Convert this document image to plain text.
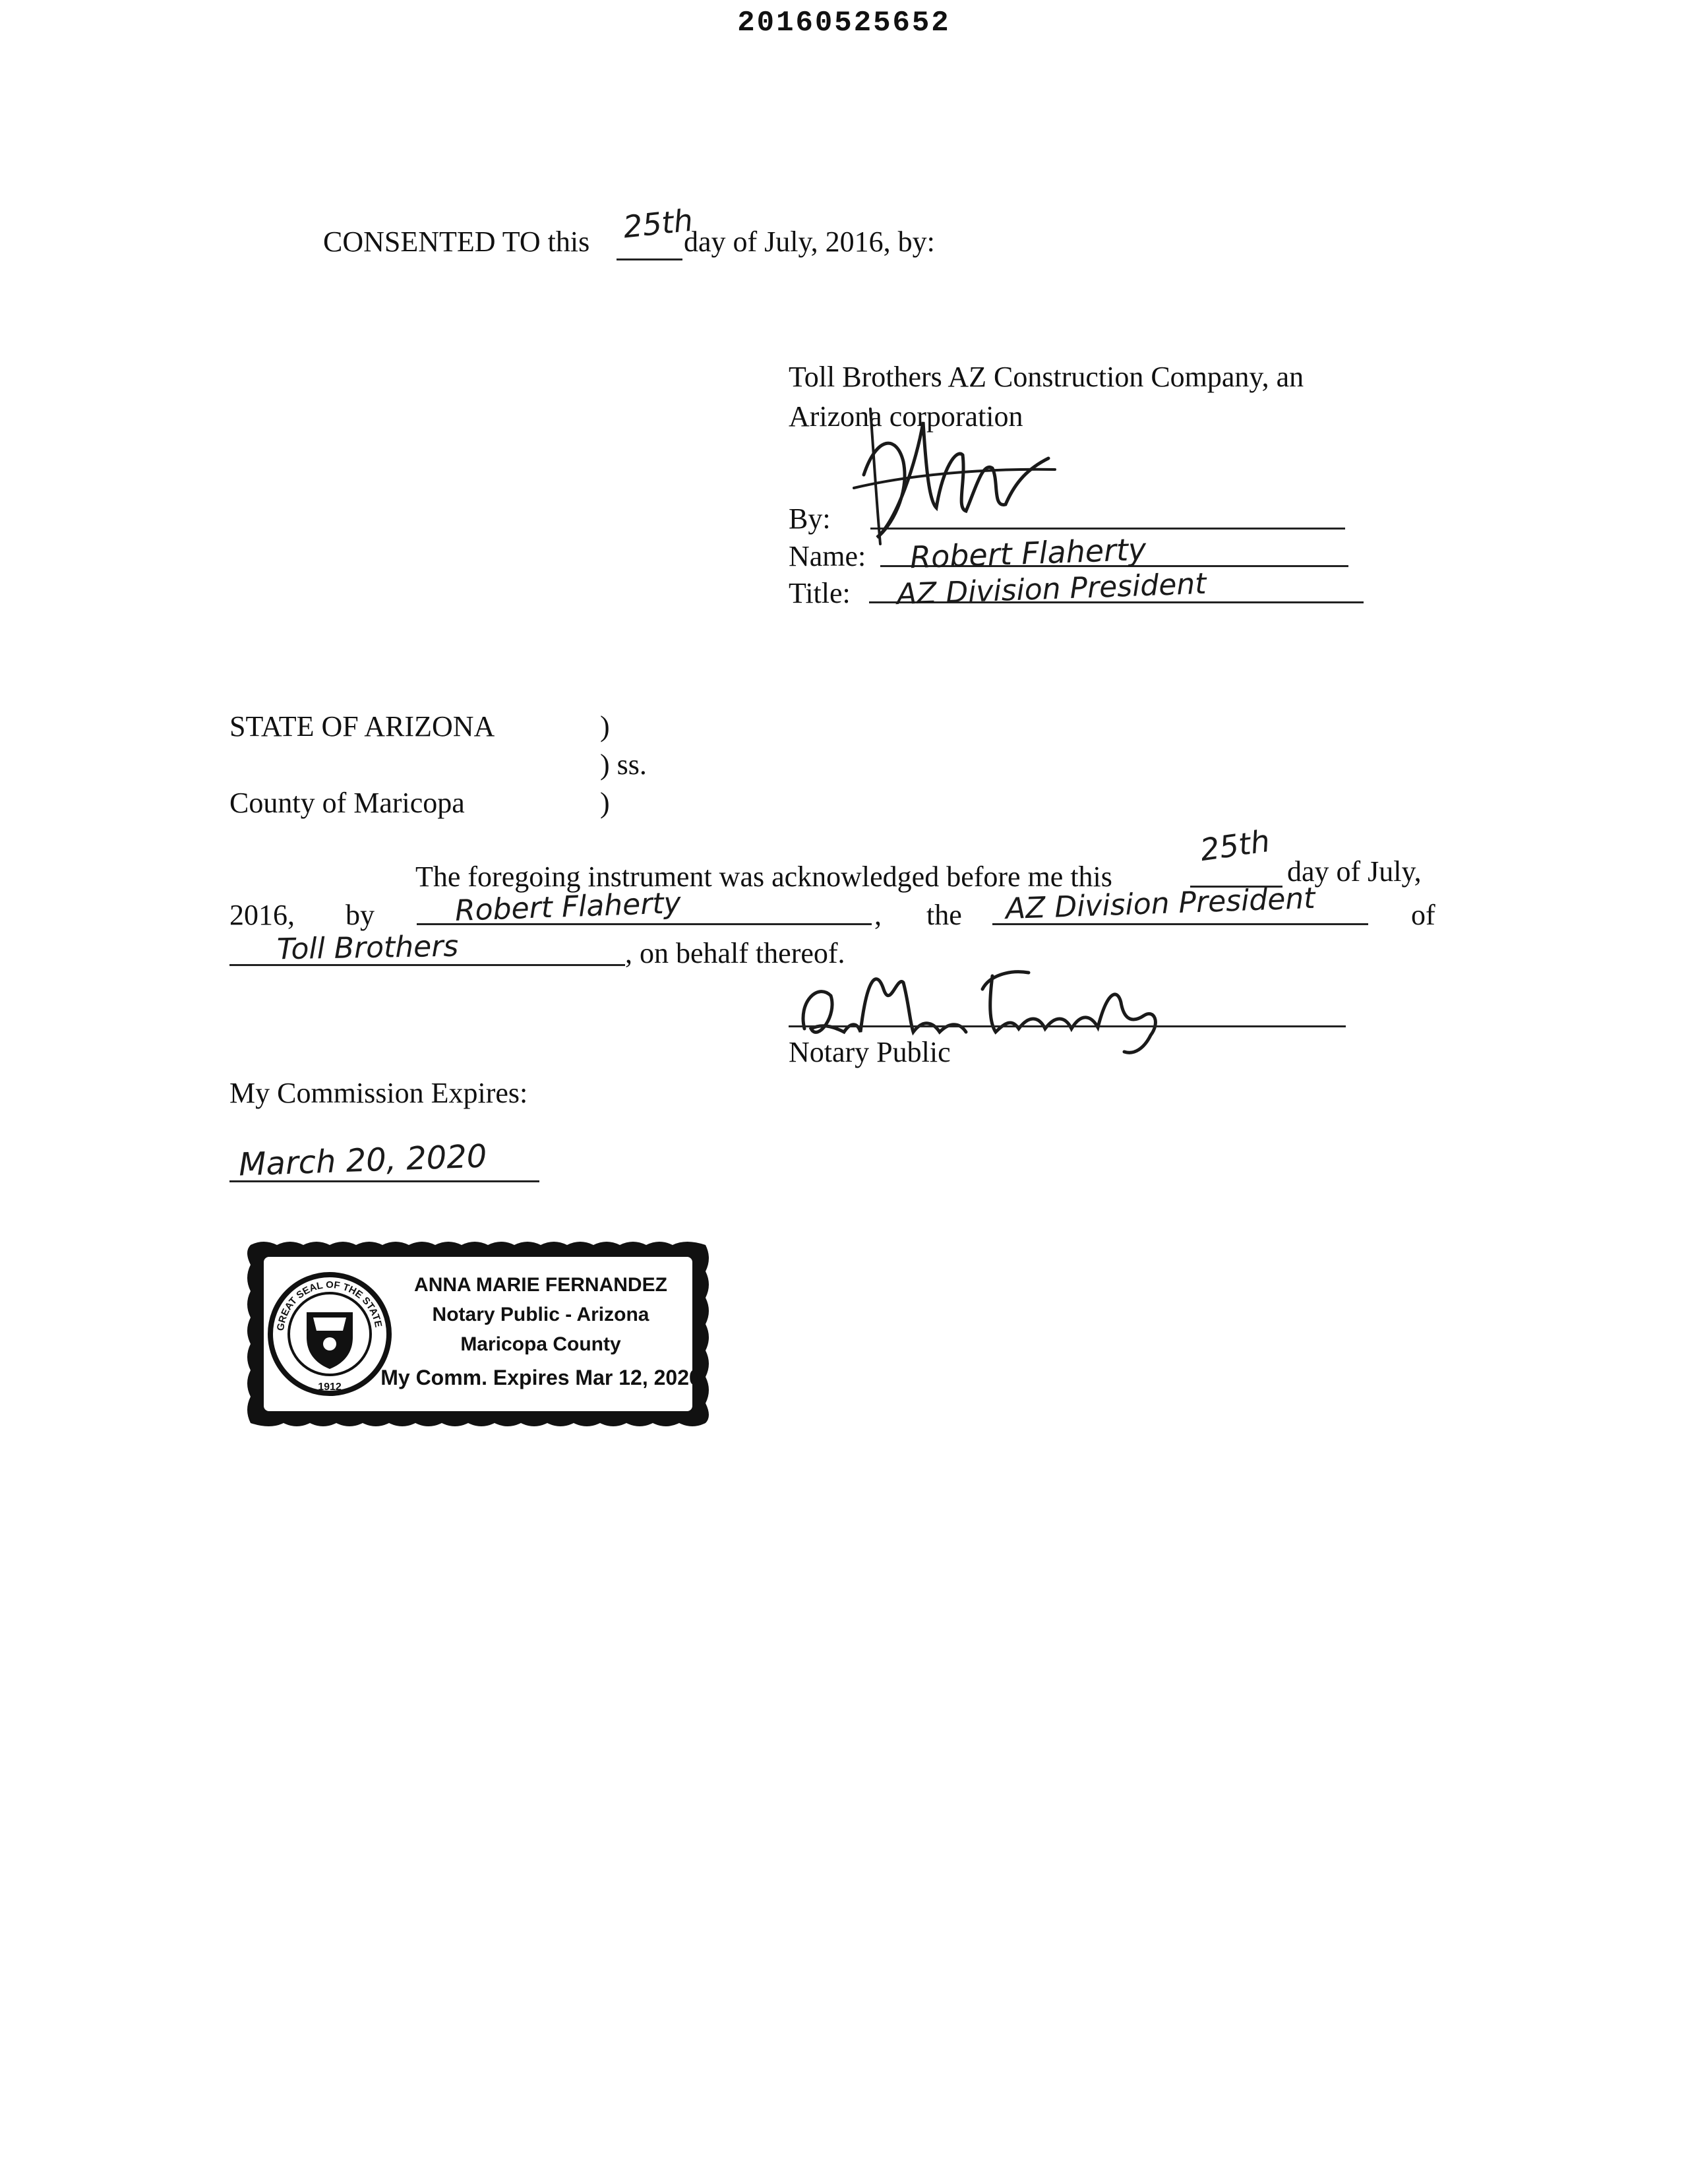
20160525652
CONSENTED TO this 25th
day of July, 2016, by:
Toll Brothers AZ Construction Company, an
Arizona corporation
By:
Name: Robert Flaherty
Title: AZ Division President
STATE OF ARIZONA	)
) ss.
County of Maricopa	)
The foregoing instrument was acknowledged before me this
25th
day of July,
2016, by	Robert Flaherty	, the AZ Division President	of
Toll Brothers	, on behalf thereof.
Notary Public
My Commission Expires:
March 20, 2020
GREAT SEAL OF THE STATE OF ARIZONA
1912
ANNA MARIE FERNANDEZ
Notary Public - Arizona
Maricopa County
My Comm. Expires Mar 12, 2020
